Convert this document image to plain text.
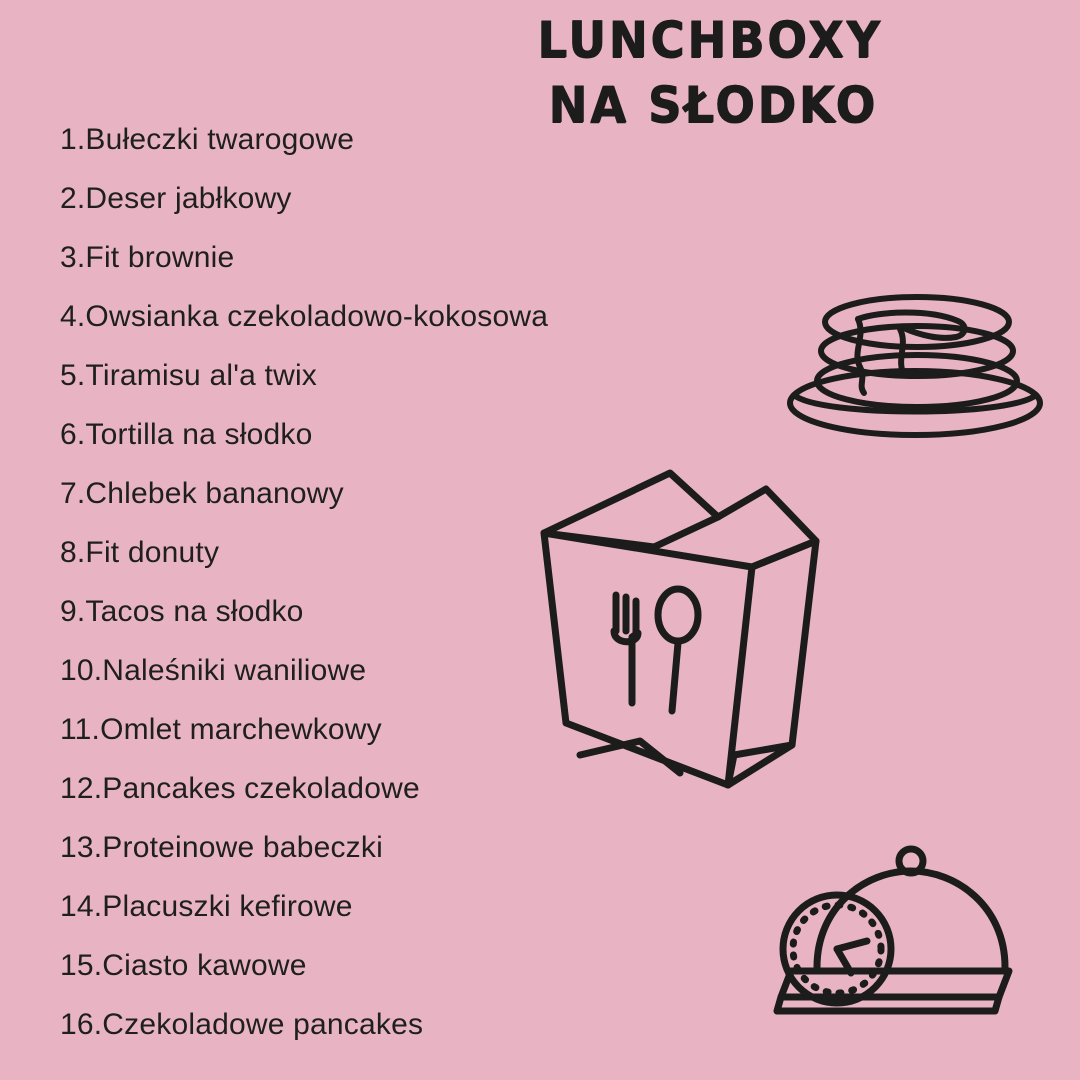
LUNCHBOXY
NA SŁODKO
1.Bułeczki twarogowe
2.Deser jabłkowy
3.Fit brownie
4.Owsianka czekoladowo-kokosowa
5.Tiramisu al'a twix
6.Tortilla na słodko
7.Chlebek bananowy
8.Fit donuty
9.Tacos na słodko
10.Naleśniki waniliowe
11.Omlet marchewkowy
12.Pancakes czekoladowe
13.Proteinowe babeczki
14.Placuszki kefirowe
15.Ciasto kawowe
16.Czekoladowe pancakes
